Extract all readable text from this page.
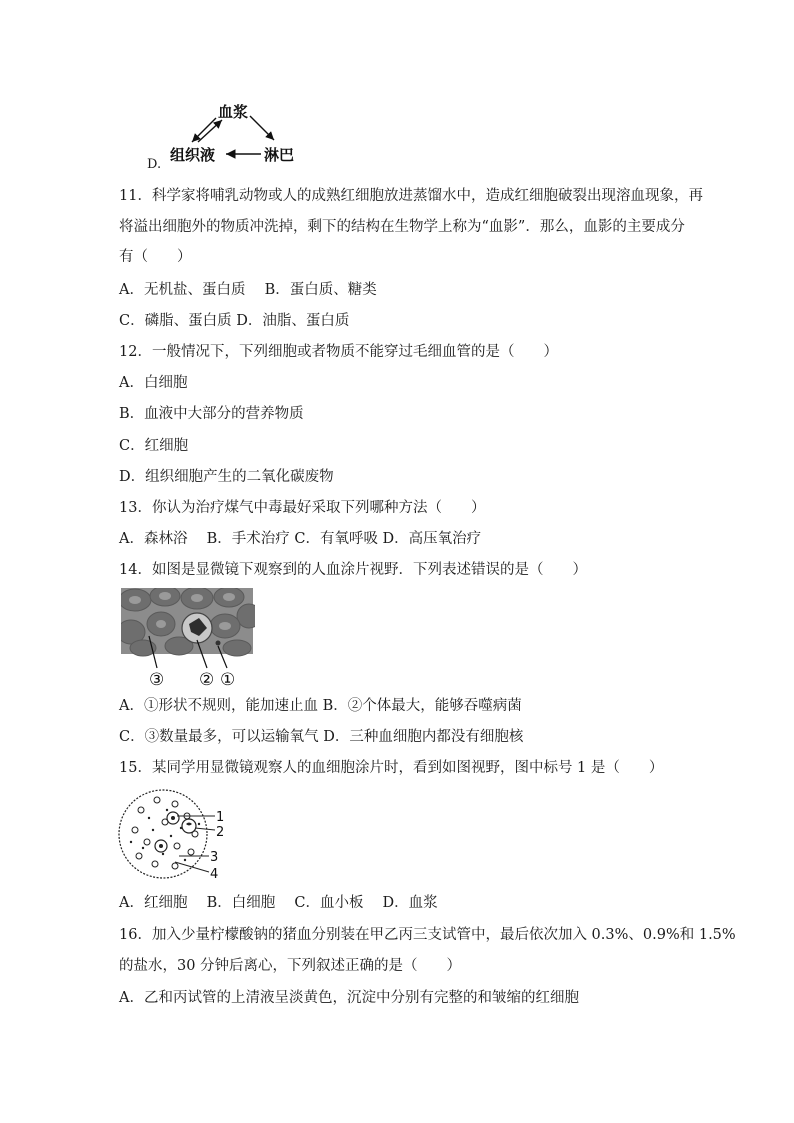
D.
血浆
组织液	淋巴
11．科学家将哺乳动物或人的成熟红细胞放进蒸馏水中，造成红细胞破裂出现溶血现象，再
将溢出细胞外的物质冲洗掉，剩下的结构在生物学上称为“血影”．那么，血影的主要成分
有（　　）
A．无机盐、蛋白质　 B．蛋白质、糖类
C．磷脂、蛋白质 D．油脂、蛋白质
12．一般情况下，下列细胞或者物质不能穿过毛细血管的是（　　）
A．白细胞
B．血液中大部分的营养物质
C．红细胞
D．组织细胞产生的二氧化碳废物
13．你认为治疗煤气中毒最好采取下列哪种方法（　　）
A．森林浴　 B．手术治疗 C．有氧呼吸 D．高压氧治疗
14．如图是显微镜下观察到的人血涂片视野．下列表述错误的是（　　）
③ ② ①
A．①形状不规则，能加速止血 B．②个体最大，能够吞噬病菌
C．③数量最多，可以运输氧气 D．三种血细胞内都没有细胞核
15．某同学用显微镜观察人的血细胞涂片时，看到如图视野，图中标号 1 是（　　）
1
2
3
4
A．红细胞　 B．白细胞　 C．血小板　 D．血浆
16．加入少量柠檬酸钠的猪血分别装在甲乙丙三支试管中，最后依次加入 0.3%、0.9%和 1.5%
的盐水，30 分钟后离心，下列叙述正确的是（　　）
A．乙和丙试管的上清液呈淡黄色，沉淀中分别有完整的和皱缩的红细胞
